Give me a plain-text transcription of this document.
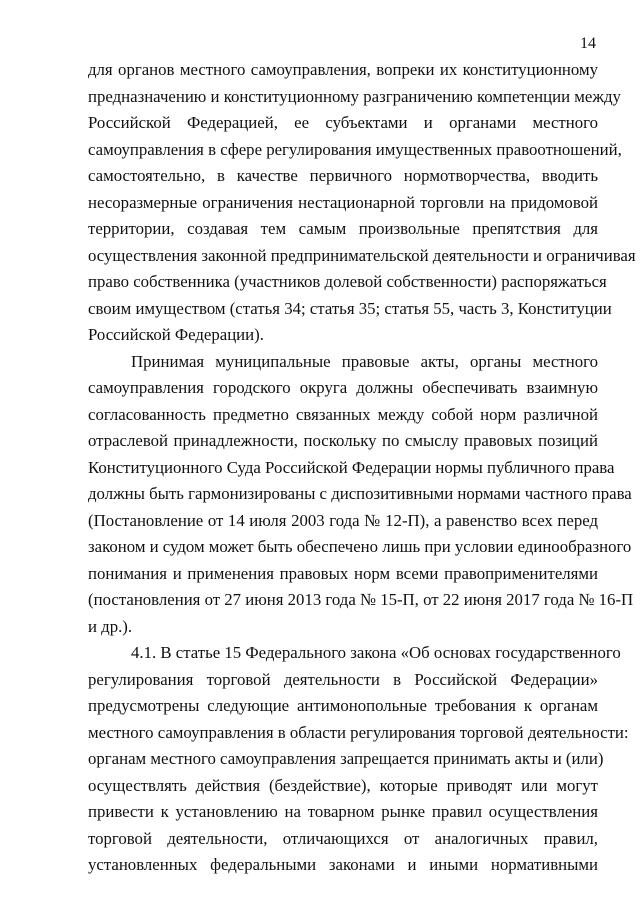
14
для органов местного самоуправления, вопреки их конституционному
предназначению и конституционному разграничению компетенции между
Российской Федерацией, ее субъектами и органами местного
самоуправления в сфере регулирования имущественных правоотношений,
самостоятельно, в качестве первичного нормотворчества, вводить
несоразмерные ограничения нестационарной торговли на придомовой
территории, создавая тем самым произвольные препятствия для
осуществления законной предпринимательской деятельности и ограничивая
право собственника (участников долевой собственности) распоряжаться
своим имуществом (статья 34; статья 35; статья 55, часть 3, Конституции
Российской Федерации).
Принимая муниципальные правовые акты, органы местного
самоуправления городского округа должны обеспечивать взаимную
согласованность предметно связанных между собой норм различной
отраслевой принадлежности, поскольку по смыслу правовых позиций
Конституционного Суда Российской Федерации нормы публичного права
должны быть гармонизированы с диспозитивными нормами частного права
(Постановление от 14 июля 2003 года № 12-П), а равенство всех перед
законом и судом может быть обеспечено лишь при условии единообразного
понимания и применения правовых норм всеми правоприменителями
(постановления от 27 июня 2013 года № 15-П, от 22 июня 2017 года № 16-П
и др.).
4.1. В статье 15 Федерального закона «Об основах государственного
регулирования торговой деятельности в Российской Федерации»
предусмотрены следующие антимонопольные требования к органам
местного самоуправления в области регулирования торговой деятельности:
органам местного самоуправления запрещается принимать акты и (или)
осуществлять действия (бездействие), которые приводят или могут
привести к установлению на товарном рынке правил осуществления
торговой деятельности, отличающихся от аналогичных правил,
установленных федеральными законами и иными нормативными
